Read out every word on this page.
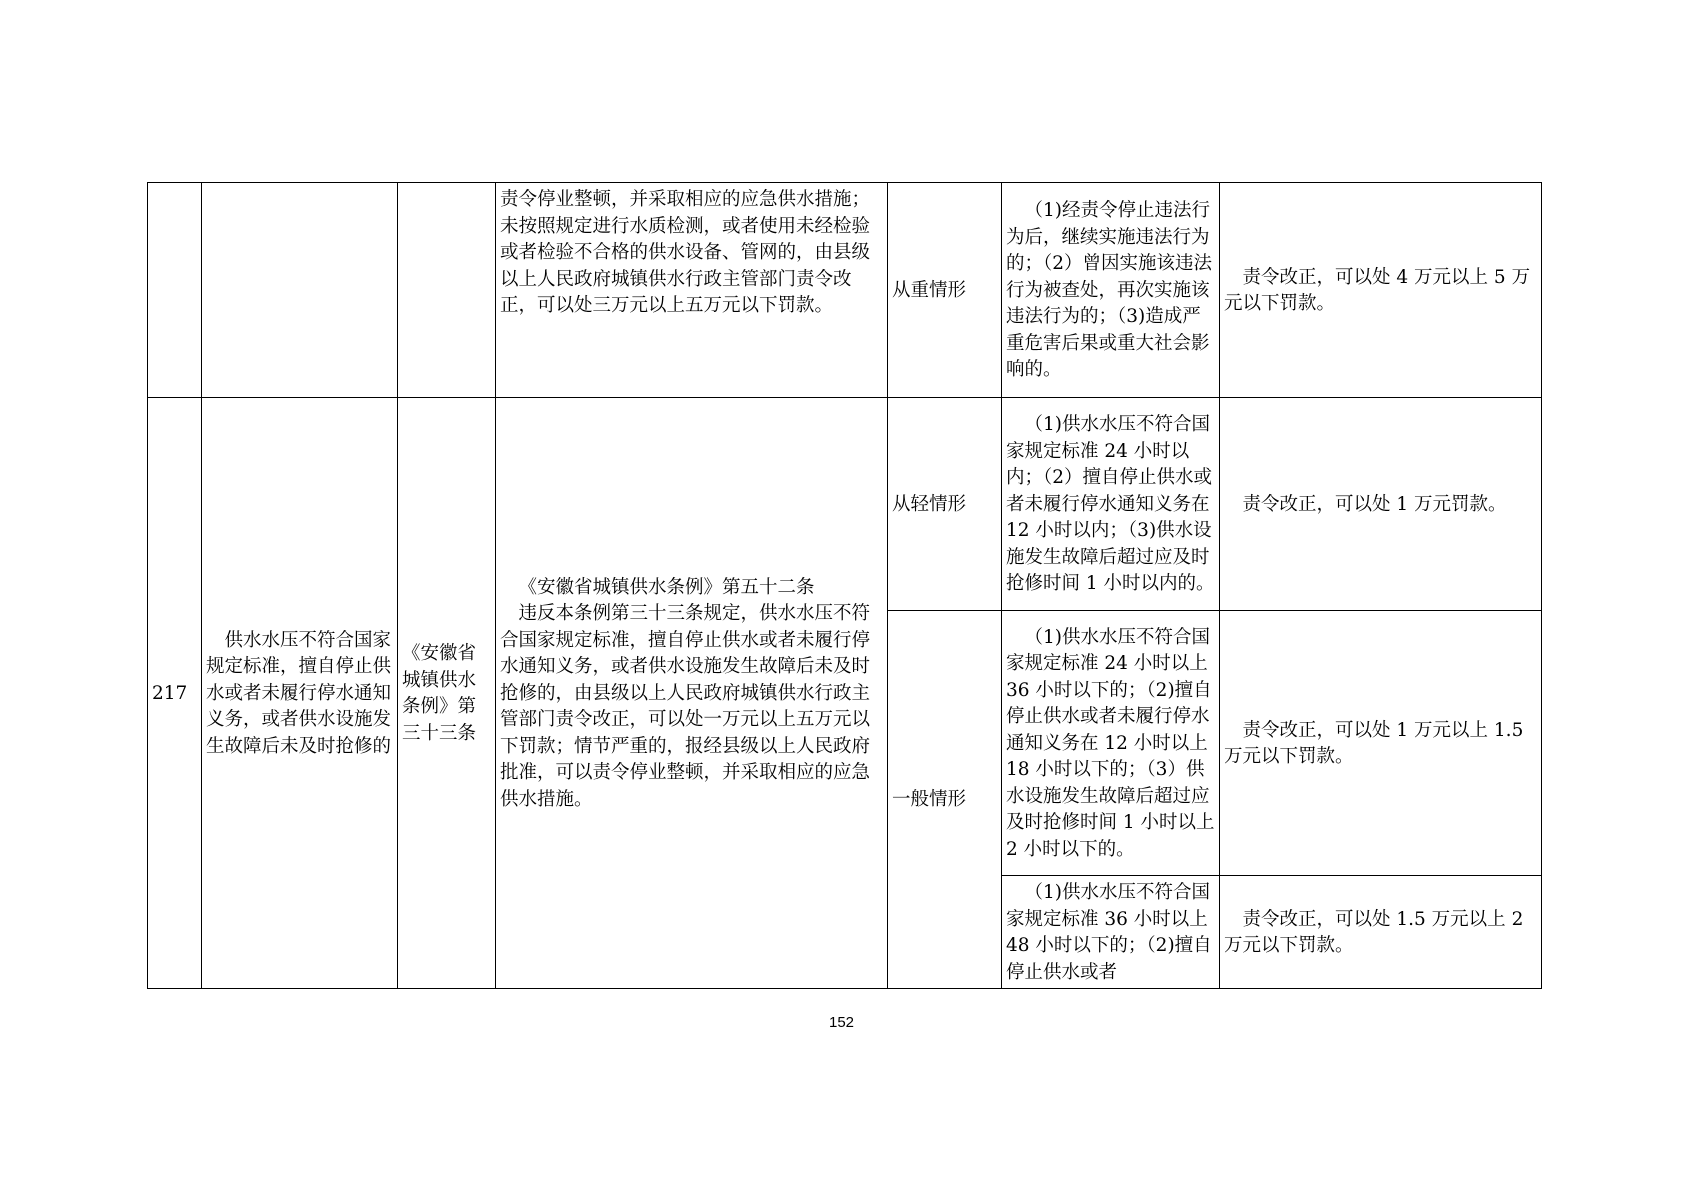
			责令停业整顿，并采取相应的应急供水措施；未按照规定进行水质检测，或者使用未经检验或者检验不合格的供水设备、管网的，由县级以上人民政府城镇供水行政主管部门责令改正，可以处三万元以上五万元以下罚款。	从重情形	（1)经责令停止违法行为后，继续实施违法行为的；（2）曾因实施该违法行为被查处，再次实施该违法行为的；（3)造成严重危害后果或重大社会影响的。	责令改正，可以处 4 万元以上 5 万元以下罚款。

217	供水水压不符合国家规定标准，擅自停止供水或者未履行停水通知义务，或者供水设施发生故障后未及时抢修的	《安徽省城镇供水条例》第三十三条	《安徽省城镇供水条例》第五十二条
违反本条例第三十三条规定，供水水压不符合国家规定标准，擅自停止供水或者未履行停水通知义务，或者供水设施发生故障后未及时抢修的，由县级以上人民政府城镇供水行政主管部门责令改正，可以处一万元以上五万元以下罚款；情节严重的，报经县级以上人民政府批准，可以责令停业整顿，并采取相应的应急供水措施。	从轻情形	（1)供水水压不符合国家规定标准 24 小时以内；（2）擅自停止供水或者未履行停水通知义务在 12 小时以内；（3)供水设施发生故障后超过应及时抢修时间 1 小时以内的。	责令改正，可以处 1 万元罚款。

				一般情形	（1)供水水压不符合国家规定标准 24 小时以上 36 小时以下的；（2)擅自停止供水或者未履行停水通知义务在 12 小时以上 18 小时以下的；（3）供水设施发生故障后超过应及时抢修时间 1 小时以上 2 小时以下的。	责令改正，可以处 1 万元以上 1.5 万元以下罚款。

					（1)供水水压不符合国家规定标准 36 小时以上 48 小时以下的；（2)擅自停止供水或者	责令改正，可以处 1.5 万元以上 2 万元以下罚款。
152
